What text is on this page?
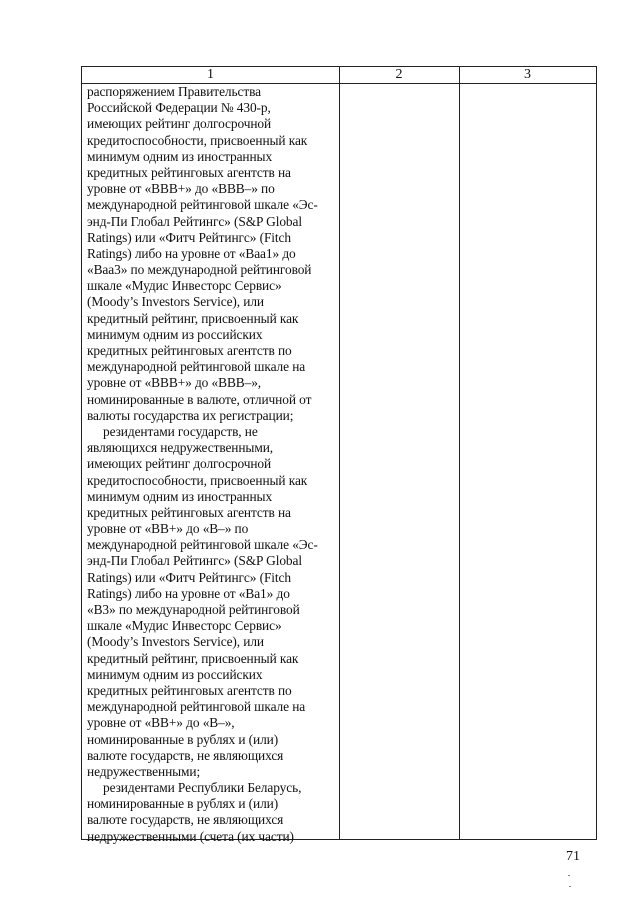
1	2	3
распоряжением Правительства
Российской Федерации № 430-р,
имеющих рейтинг долгосрочной
кредитоспособности, присвоенный как
минимум одним из иностранных
кредитных рейтинговых агентств на
уровне от «BBB+» до «BBB–» по
международной рейтинговой шкале «Эс-
энд-Пи Глобал Рейтингс» (S&P Global
Ratings) или «Фитч Рейтингс» (Fitch
Ratings) либо на уровне от «Baa1» до
«Baa3» по международной рейтинговой
шкале «Мудис Инвесторс Сервис»
(Moody’s Investors Service), или
кредитный рейтинг, присвоенный как
минимум одним из российских
кредитных рейтинговых агентств по
международной рейтинговой шкале на
уровне от «BBB+» до «BBB–»,
номинированные в валюте, отличной от
валюты государства их регистрации;
резидентами государств, не
являющихся недружественными,
имеющих рейтинг долгосрочной
кредитоспособности, присвоенный как
минимум одним из иностранных
кредитных рейтинговых агентств на
уровне от «BB+» до «B–» по
международной рейтинговой шкале «Эс-
энд-Пи Глобал Рейтингс» (S&P Global
Ratings) или «Фитч Рейтингс» (Fitch
Ratings) либо на уровне от «Ba1» до
«B3» по международной рейтинговой
шкале «Мудис Инвесторс Сервис»
(Moody’s Investors Service), или
кредитный рейтинг, присвоенный как
минимум одним из российских
кредитных рейтинговых агентств по
международной рейтинговой шкале на
уровне от «BB+» до «B–»,
номинированные в рублях и (или)
валюте государств, не являющихся
недружественными;
резидентами Республики Беларусь,
номинированные в рублях и (или)
валюте государств, не являющихся
недружественными (счета (их части)
71
